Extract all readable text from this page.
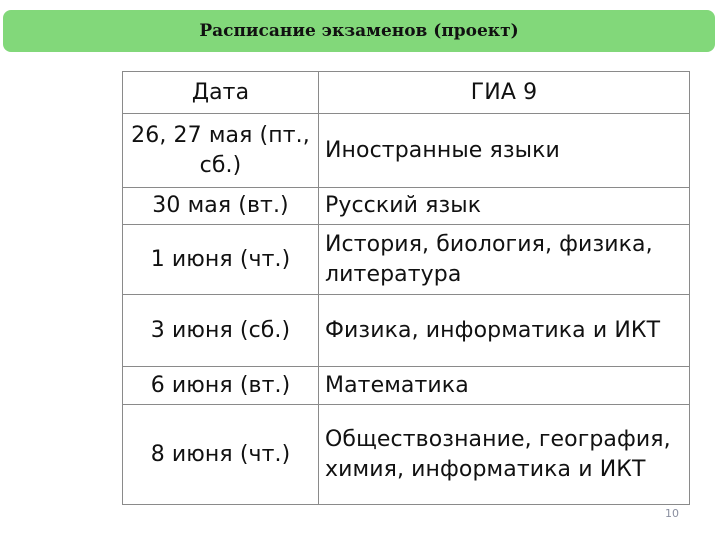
Расписание экзаменов (проект)
Дата	ГИА 9
26, 27 мая (пт., сб.)	Иностранные языки
30 мая (вт.)	Русский язык
1 июня (чт.)	История, биология, физика, литература
3 июня (сб.)	Физика, информатика и ИКТ
6 июня (вт.)	Математика
8 июня (чт.)	Обществознание, география, химия, информатика и ИКТ
10
